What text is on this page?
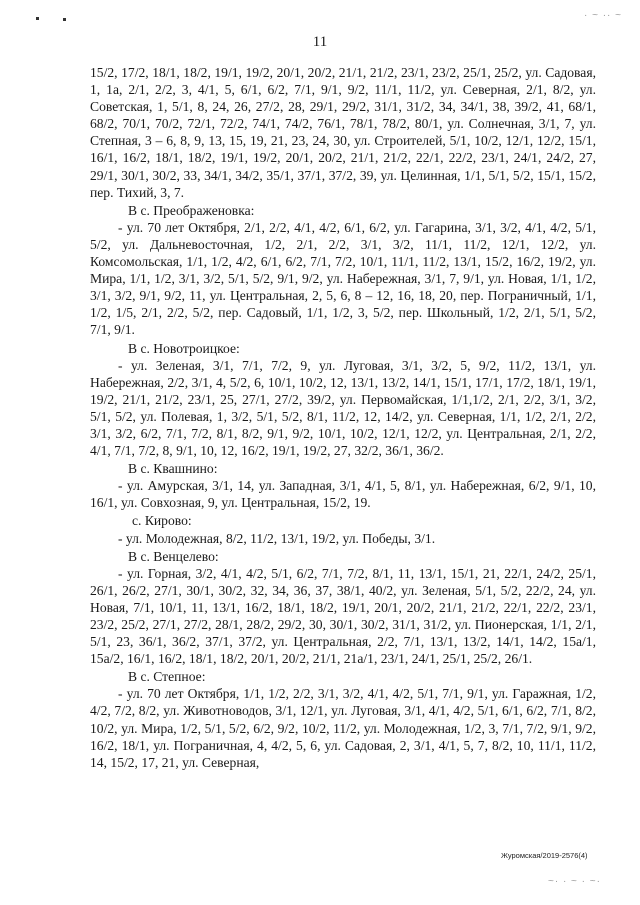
· ~ ·· ~
~· · ~ · ~·
11

15/2, 17/2, 18/1, 18/2, 19/1, 19/2, 20/1, 20/2, 21/1, 21/2, 23/1, 23/2, 25/1, 25/2, ул. Садовая, 1, 1а, 2/1, 2/2, 3, 4/1, 5, 6/1, 6/2, 7/1, 9/1, 9/2, 11/1, 11/2, ул. Северная, 2/1, 8/2, ул. Советская, 1, 5/1, 8, 24, 26, 27/2, 28, 29/1, 29/2, 31/1, 31/2, 34, 34/1, 38, 39/2, 41, 68/1, 68/2, 70/1, 70/2, 72/1, 72/2, 74/1, 74/2, 76/1, 78/1, 78/2, 80/1, ул. Солнечная, 3/1, 7, ул. Степная, 3 – 6, 8, 9, 13, 15, 19, 21, 23, 24, 30, ул. Строителей, 5/1, 10/2, 12/1, 12/2, 15/1, 16/1, 16/2, 18/1, 18/2, 19/1, 19/2, 20/1, 20/2, 21/1, 21/2, 22/1, 22/2, 23/1, 24/1, 24/2, 27, 29/1, 30/1, 30/2, 33, 34/1, 34/2, 35/1, 37/1, 37/2, 39, ул. Целинная, 1/1, 5/1, 5/2, 15/1, 15/2, пер. Тихий, 3, 7.

В с. Преображеновка:

- ул. 70 лет Октября, 2/1, 2/2, 4/1, 4/2, 6/1, 6/2, ул. Гагарина, 3/1, 3/2, 4/1, 4/2, 5/1, 5/2, ул. Дальневосточная, 1/2, 2/1, 2/2, 3/1, 3/2, 11/1, 11/2, 12/1, 12/2, ул. Комсомольская, 1/1, 1/2, 4/2, 6/1, 6/2, 7/1, 7/2, 10/1, 11/1, 11/2, 13/1, 15/2, 16/2, 19/2, ул. Мира, 1/1, 1/2, 3/1, 3/2, 5/1, 5/2, 9/1, 9/2, ул. Набережная, 3/1, 7, 9/1, ул. Новая, 1/1, 1/2, 3/1, 3/2, 9/1, 9/2, 11, ул. Центральная, 2, 5, 6, 8 – 12, 16, 18, 20, пер. Пограничный, 1/1, 1/2, 1/5, 2/1, 2/2, 5/2, пер. Садовый, 1/1, 1/2, 3, 5/2, пер. Школьный, 1/2, 2/1, 5/1, 5/2, 7/1, 9/1.

В с. Новотроицкое:

- ул. Зеленая, 3/1, 7/1, 7/2, 9, ул. Луговая, 3/1, 3/2, 5, 9/2, 11/2, 13/1, ул. Набережная, 2/2, 3/1, 4, 5/2, 6, 10/1, 10/2, 12, 13/1, 13/2, 14/1, 15/1, 17/1, 17/2, 18/1, 19/1, 19/2, 21/1, 21/2, 23/1, 25, 27/1, 27/2, 39/2, ул. Первомайская, 1/1,1/2, 2/1, 2/2, 3/1, 3/2, 5/1, 5/2, ул. Полевая, 1, 3/2, 5/1, 5/2, 8/1, 11/2, 12, 14/2, ул. Северная, 1/1, 1/2, 2/1, 2/2, 3/1, 3/2, 6/2, 7/1, 7/2, 8/1, 8/2, 9/1, 9/2, 10/1, 10/2, 12/1, 12/2, ул. Центральная, 2/1, 2/2, 4/1, 7/1, 7/2, 8, 9/1, 10, 12, 16/2, 19/1, 19/2, 27, 32/2, 36/1, 36/2.

В с. Квашнино:

- ул. Амурская, 3/1, 14, ул. Западная, 3/1, 4/1, 5, 8/1, ул. Набережная, 6/2, 9/1, 10, 16/1, ул. Совхозная, 9, ул. Центральная, 15/2, 19.

с. Кирово:

- ул. Молодежная, 8/2, 11/2, 13/1, 19/2, ул. Победы, 3/1.

В с. Венцелево:

- ул. Горная, 3/2, 4/1, 4/2, 5/1, 6/2, 7/1, 7/2, 8/1, 11, 13/1, 15/1, 21, 22/1, 24/2, 25/1, 26/1, 26/2, 27/1, 30/1, 30/2, 32, 34, 36, 37, 38/1, 40/2, ул. Зеленая, 5/1, 5/2, 22/2, 24, ул. Новая, 7/1, 10/1, 11, 13/1, 16/2, 18/1, 18/2, 19/1, 20/1, 20/2, 21/1, 21/2, 22/1, 22/2, 23/1, 23/2, 25/2, 27/1, 27/2, 28/1, 28/2, 29/2, 30, 30/1, 30/2, 31/1, 31/2, ул. Пионерская, 1/1, 2/1, 5/1, 23, 36/1, 36/2, 37/1, 37/2, ул. Центральная, 2/2, 7/1, 13/1, 13/2, 14/1, 14/2, 15а/1, 15а/2, 16/1, 16/2, 18/1, 18/2, 20/1, 20/2, 21/1, 21а/1, 23/1, 24/1, 25/1, 25/2, 26/1.

В с. Степное:

- ул. 70 лет Октября, 1/1, 1/2, 2/2, 3/1, 3/2, 4/1, 4/2, 5/1, 7/1, 9/1, ул. Гаражная, 1/2, 4/2, 7/2, 8/2, ул. Животноводов, 3/1, 12/1, ул. Луговая, 3/1, 4/1, 4/2, 5/1, 6/1, 6/2, 7/1, 8/2, 10/2, ул. Мира, 1/2, 5/1, 5/2, 6/2, 9/2, 10/2, 11/2, ул. Молодежная, 1/2, 3, 7/1, 7/2, 9/1, 9/2, 16/2, 18/1, ул. Пограничная, 4, 4/2, 5, 6, ул. Садовая, 2, 3/1, 4/1, 5, 7, 8/2, 10, 11/1, 11/2, 14, 15/2, 17, 21, ул. Северная,

Журомская/2019-2576(4)
